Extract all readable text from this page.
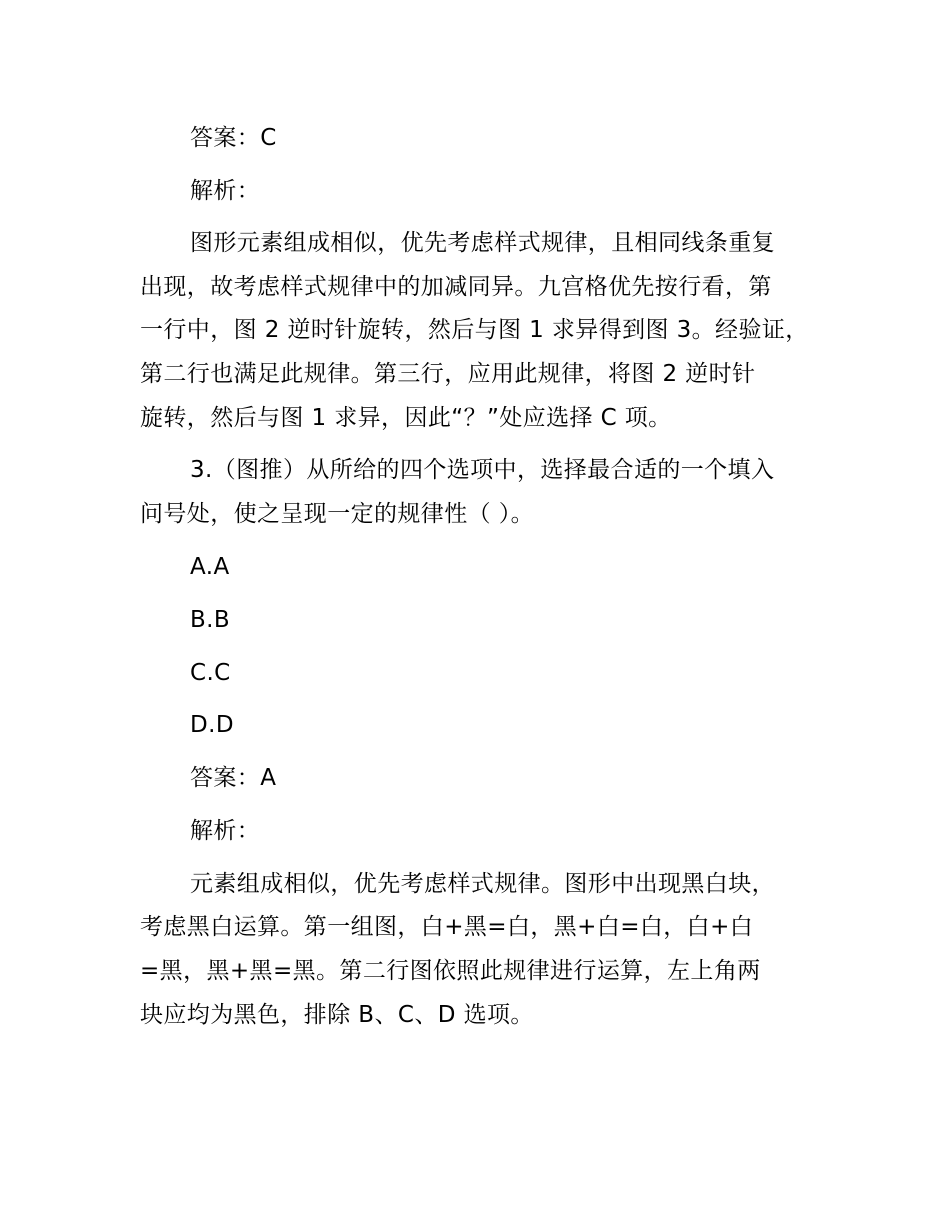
答案：C
解析：
图形元素组成相似，优先考虑样式规律，且相同线条重复
出现，故考虑样式规律中的加减同异。九宫格优先按行看，第
一行中，图 2 逆时针旋转，然后与图 1 求异得到图 3。经验证，
第二行也满足此规律。第三行，应用此规律，将图 2 逆时针
旋转，然后与图 1 求异，因此“？”处应选择 C 项。
3.（图推）从所给的四个选项中，选择最合适的一个填入
问号处，使之呈现一定的规律性（ ）。
A.A
B.B
C.C
D.D
答案：A
解析：
元素组成相似，优先考虑样式规律。图形中出现黑白块，
考虑黑白运算。第一组图，白+黑=白，黑+白=白，白+白
=黑，黑+黑=黑。第二行图依照此规律进行运算，左上角两
块应均为黑色，排除 B、C、D 选项。
